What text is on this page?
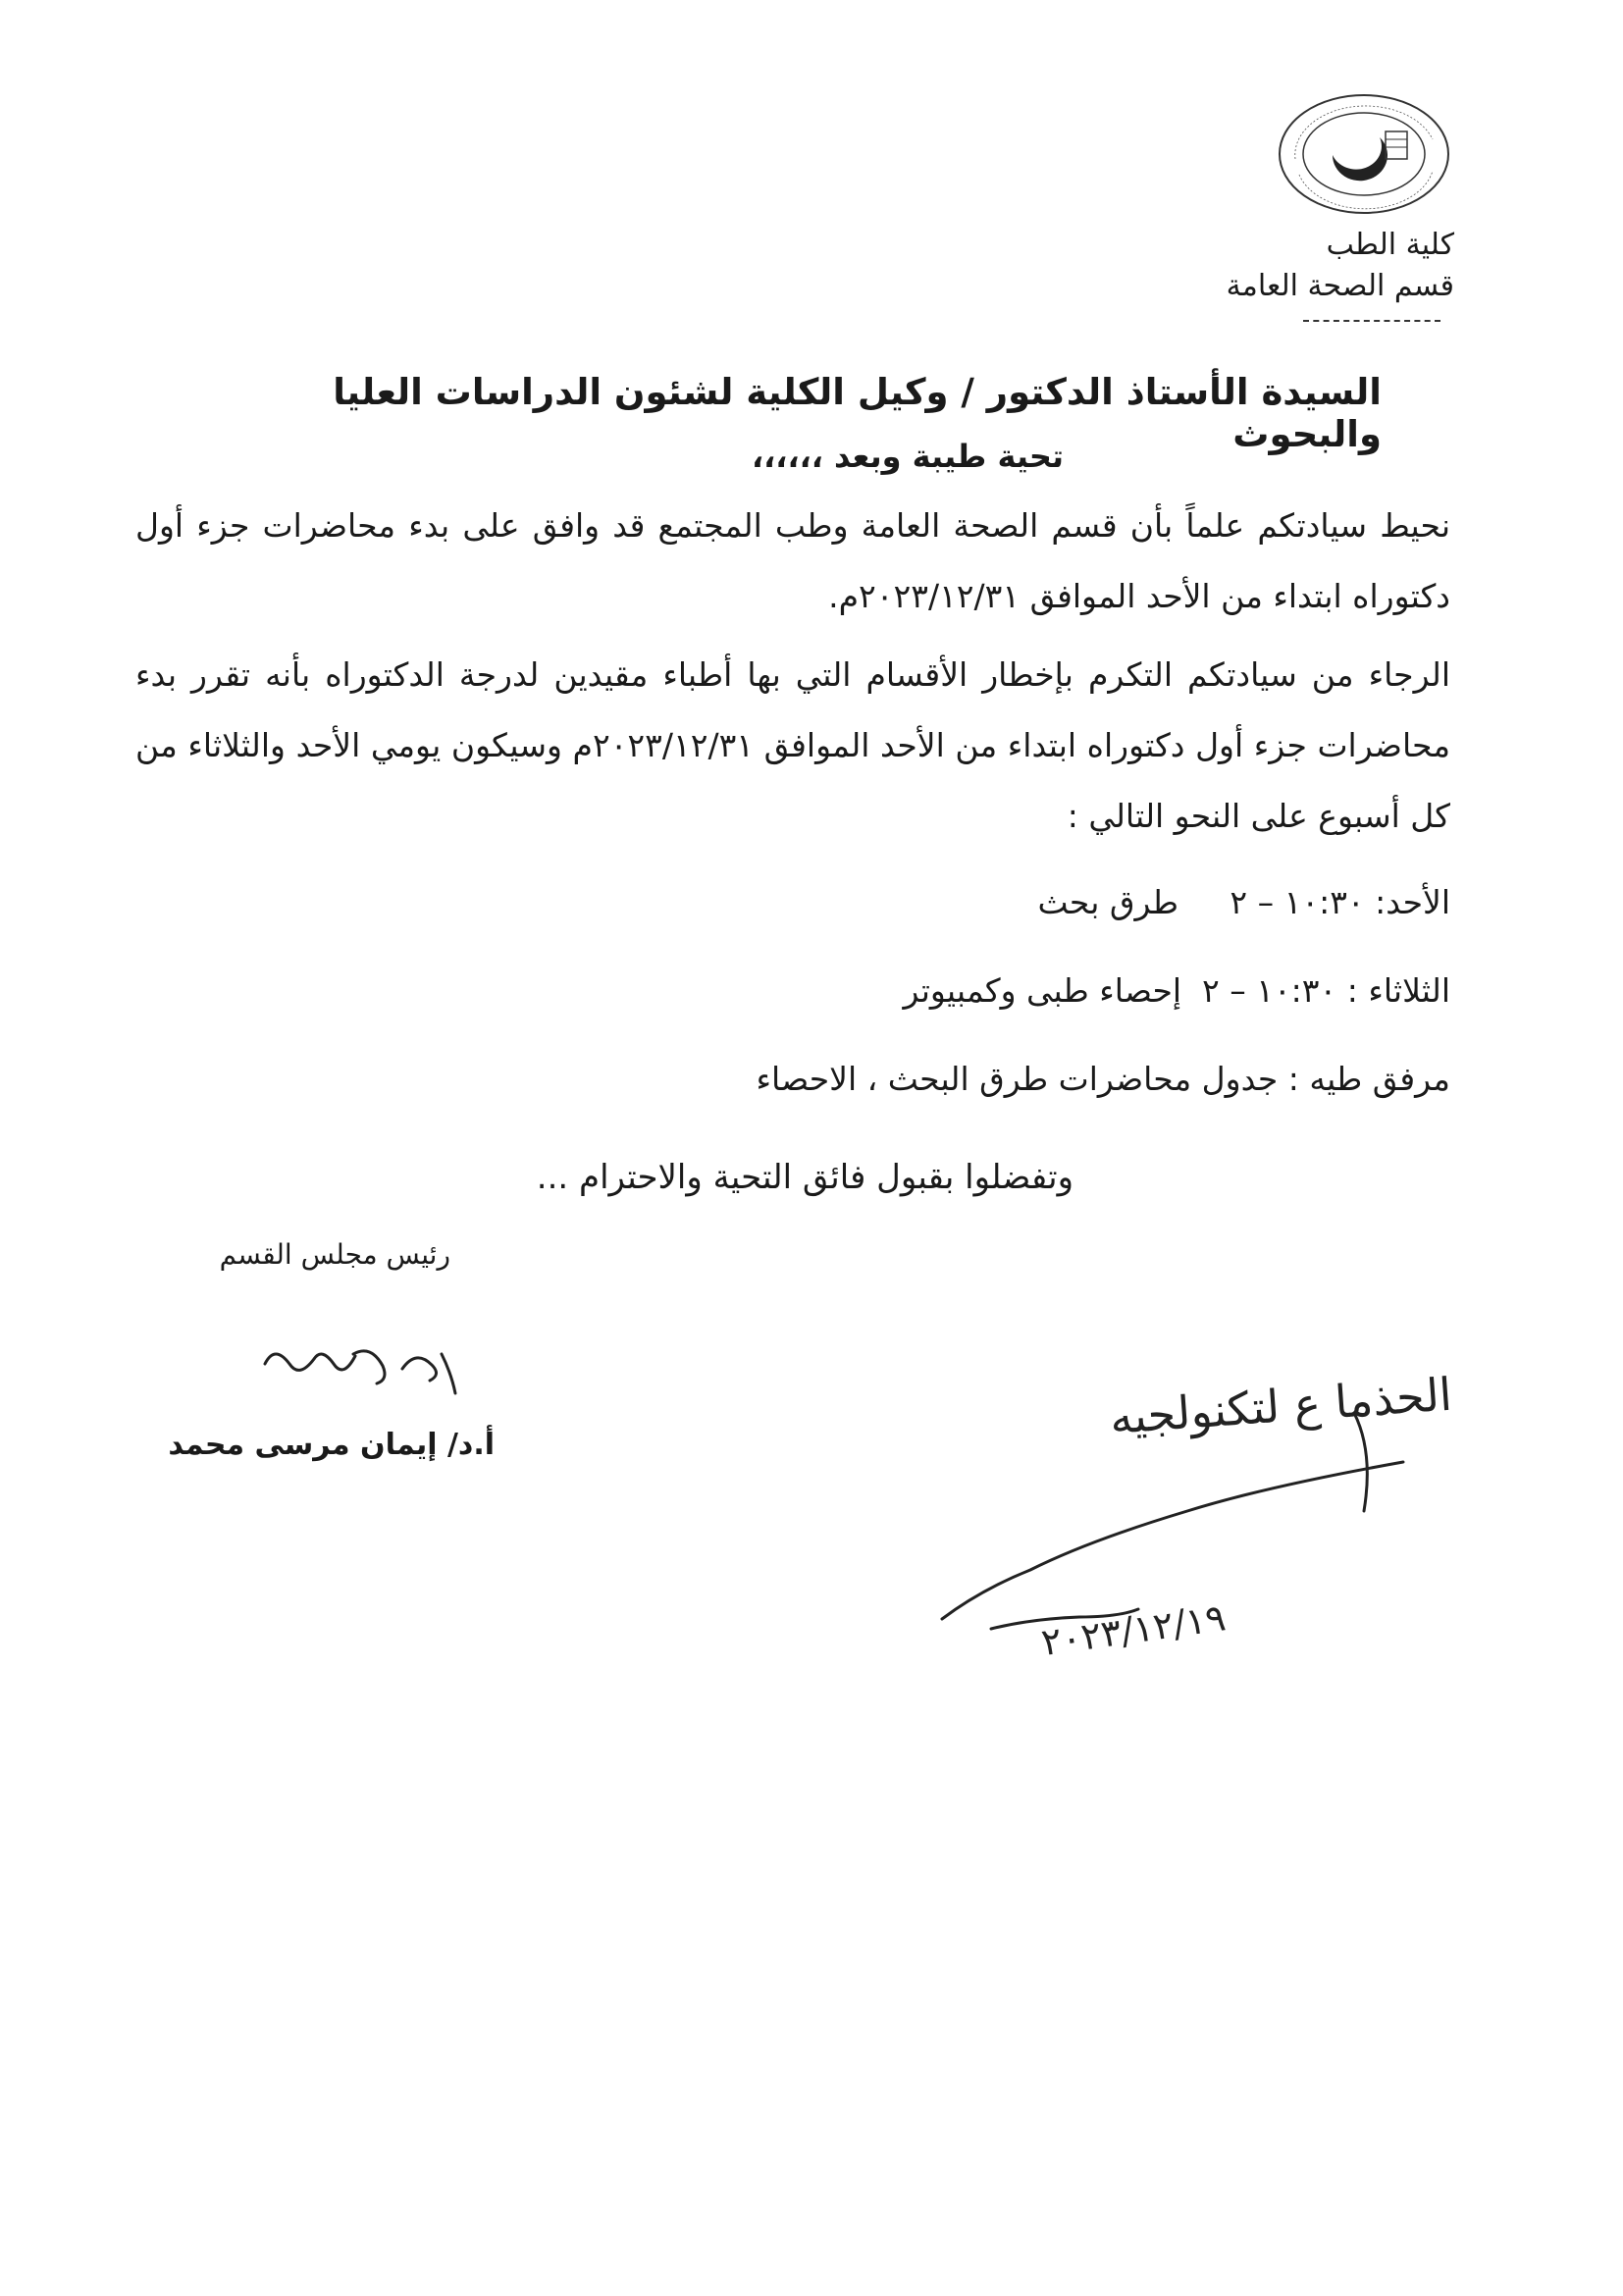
كلية الطب
قسم الصحة العامة
السيدة الأستاذ الدكتور / وكيل الكلية لشئون الدراسات العليا والبحوث
تحية طيبة وبعد ،،،،،،
نحيط سيادتكم علماً بأن قسم الصحة العامة وطب المجتمع قد وافق على بدء محاضرات جزء أول دكتوراه ابتداء من الأحد الموافق ٢٠٢٣/١٢/٣١م.
الرجاء من سيادتكم التكرم بإخطار الأقسام التي بها أطباء مقيدين لدرجة الدكتوراه بأنه تقرر بدء محاضرات جزء أول دكتوراه ابتداء من الأحد الموافق ٢٠٢٣/١٢/٣١م وسيكون يومي الأحد والثلاثاء من كل أسبوع على النحو التالي :
الأحد: ١٠:٣٠ – ٢     طرق بحث
الثلاثاء : ١٠:٣٠ – ٢  إحصاء طبى وكمبيوتر
مرفق طيه : جدول محاضرات طرق البحث ، الاحصاء
وتفضلوا بقبول فائق التحية والاحترام ...
رئيس مجلس القسم
أ.د/ إيمان مرسى محمد
الحذما ع لتكنولجيه
٢٠٢٣/١٢/١٩
